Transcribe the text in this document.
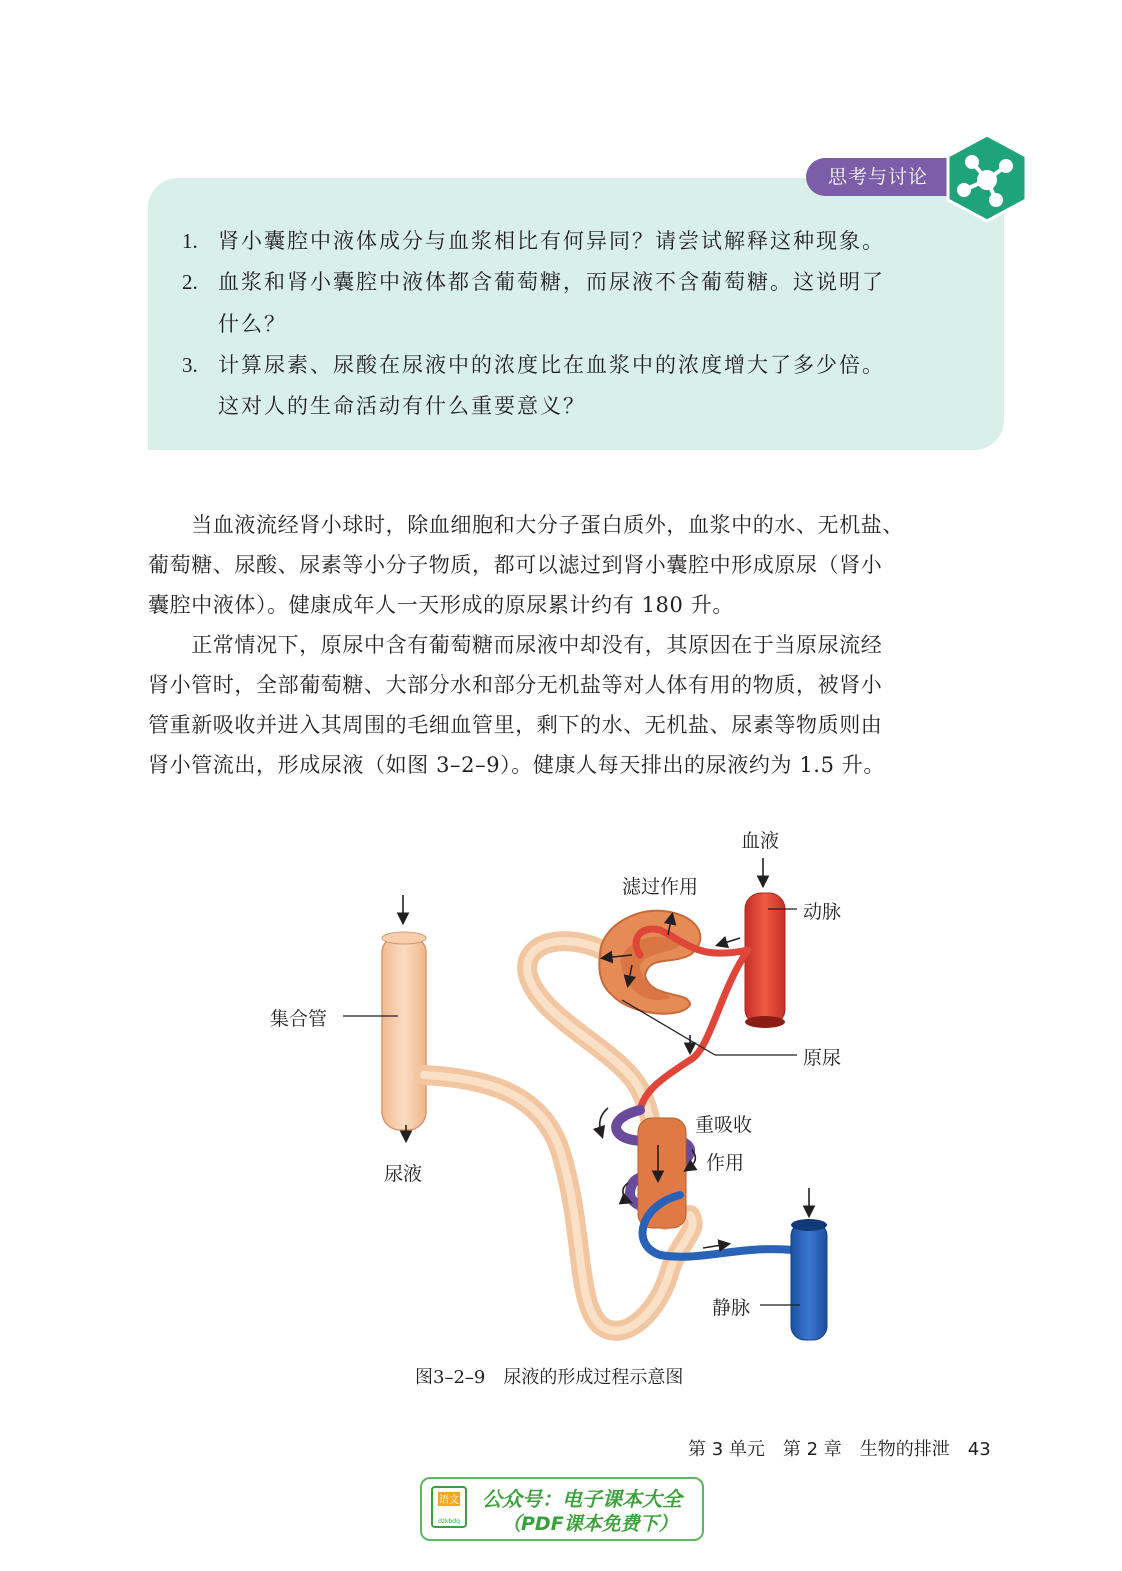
思考与讨论
1. 肾小囊腔中液体成分与血浆相比有何异同？请尝试解释这种现象。
2. 血浆和肾小囊腔中液体都含葡萄糖，而尿液不含葡萄糖。这说明了
什么？
3. 计算尿素、尿酸在尿液中的浓度比在血浆中的浓度增大了多少倍。
这对人的生命活动有什么重要意义？
　　当血液流经肾小球时，除血细胞和大分子蛋白质外，血浆中的水、无机盐、
葡萄糖、尿酸、尿素等小分子物质，都可以滤过到肾小囊腔中形成原尿（肾小
囊腔中液体）。健康成年人一天形成的原尿累计约有 180 升。
　　正常情况下，原尿中含有葡萄糖而尿液中却没有，其原因在于当原尿流经
肾小管时，全部葡萄糖、大部分水和部分无机盐等对人体有用的物质，被肾小
管重新吸收并进入其周围的毛细血管里，剩下的水、无机盐、尿素等物质则由
肾小管流出，形成尿液（如图 3–2–9）。健康人每天排出的尿液约为 1.5 升。
血液
滤过作用
动脉
集合管
原尿
重吸收
作用
尿液
静脉
图3–2–9　尿液的形成过程示意图
第 3 单元　第 2 章　生物的排泄　43
语文
dzkbdq
公众号：电子课本大全
（PDF课本免费下）
